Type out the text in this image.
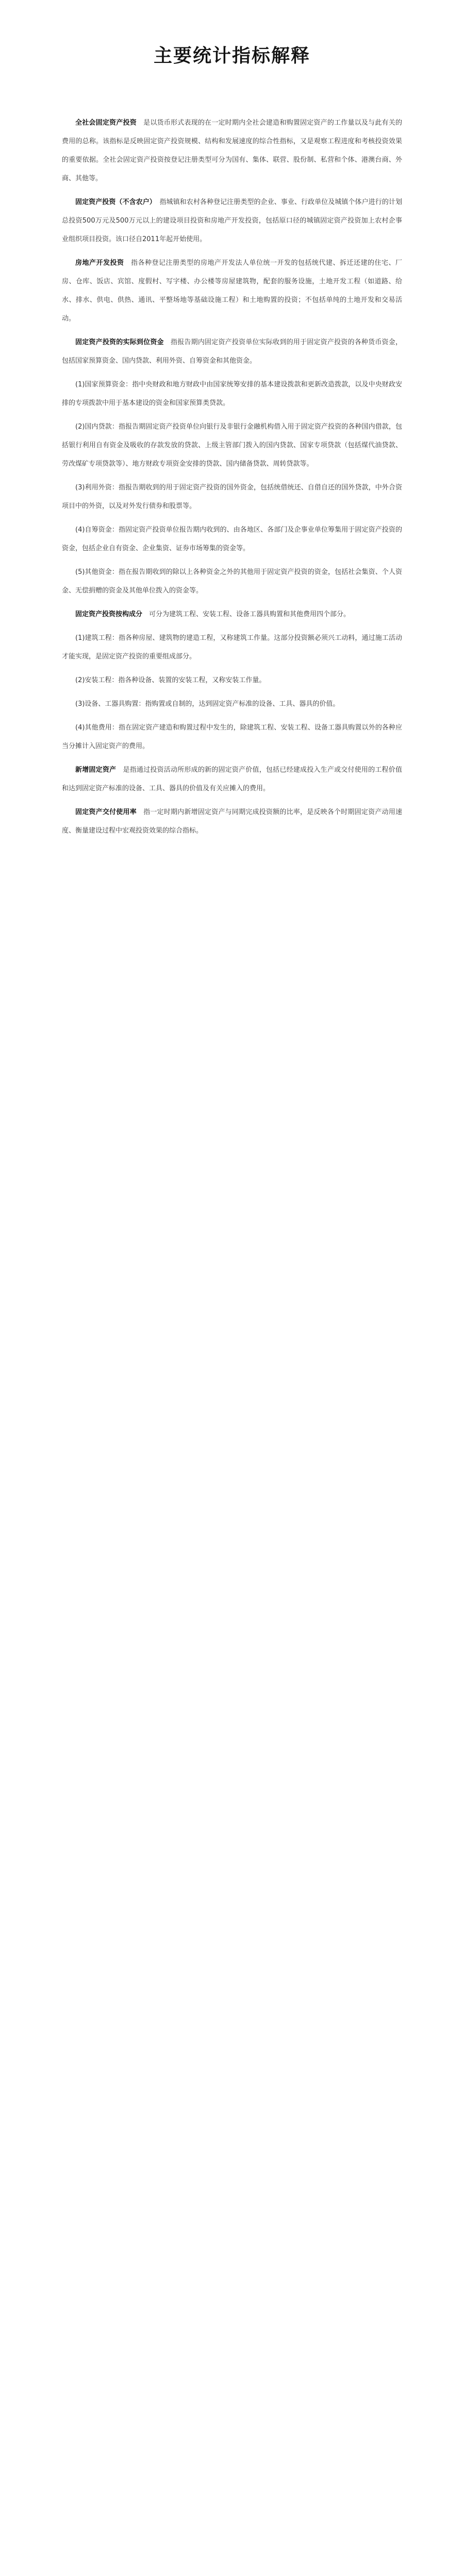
主要统计指标解释

全社会固定资产投资　 是以货币形式表现的在一定时期内全社会建造和购置固定资产的工作量以及与此有关的费用的总称。该指标是反映固定资产投资规模、结构和发展速度的综合性指标，又是观察工程进度和考核投资效果的重要依据。全社会固定资产投资按登记注册类型可分为国有、集体、联营、股份制、私营和个体、港澳台商、外商、其他等。

固定资产投资（不含农户）　 指城镇和农村各种登记注册类型的企业、事业、行政单位及城镇个体户进行的计划总投资500万元及500万元以上的建设项目投资和房地产开发投资，包括原口径的城镇固定资产投资加上农村企事业组织项目投资。该口径自2011年起开始使用。

房地产开发投资　 指各种登记注册类型的房地产开发法人单位统一开发的包括统代建、拆迁还建的住宅、厂房、仓库、饭店、宾馆、度假村、写字楼、办公楼等房屋建筑物，配套的服务设施，土地开发工程（如道路、给水、排水、供电、供热、通讯、平整场地等基础设施工程）和土地购置的投资；不包括单纯的土地开发和交易活动。

固定资产投资的实际到位资金　 指报告期内固定资产投资单位实际收到的用于固定资产投资的各种货币资金，包括国家预算资金、国内贷款、利用外资、自筹资金和其他资金。

(1)国家预算资金：指中央财政和地方财政中由国家统筹安排的基本建设拨款和更新改造拨款，以及中央财政安排的专项拨款中用于基本建设的资金和国家预算类贷款。

(2)国内贷款：指报告期固定资产投资单位向银行及非银行金融机构借入用于固定资产投资的各种国内借款，包括银行利用自有资金及吸收的存款发放的贷款、上级主管部门拨入的国内贷款、国家专项贷款（包括煤代油贷款、劳改煤矿专项贷款等）、地方财政专项资金安排的贷款、国内储备贷款、周转贷款等。

(3)利用外资：指报告期收到的用于固定资产投资的国外资金，包括统借统还、自借自还的国外贷款，中外合资项目中的外资，以及对外发行债券和股票等。

(4)自筹资金：指固定资产投资单位报告期内收到的、由各地区、各部门及企事业单位筹集用于固定资产投资的资金，包括企业自有资金、企业集资、证券市场筹集的资金等。

(5)其他资金：指在报告期收到的除以上各种资金之外的其他用于固定资产投资的资金，包括社会集资、个人资金、无偿捐赠的资金及其他单位拨入的资金等。

固定资产投资按构成分　 可分为建筑工程、安装工程、设备工器具购置和其他费用四个部分。

(1)建筑工程：指各种房屋、建筑物的建造工程，又称建筑工作量。这部分投资额必须兴工动料，通过施工活动才能实现，是固定资产投资的重要组成部分。

(2)安装工程：指各种设备、装置的安装工程，又称安装工作量。

(3)设备、工器具购置：指购置或自制的，达到固定资产标准的设备、工具、器具的价值。

(4)其他费用：指在固定资产建造和购置过程中发生的，除建筑工程、安装工程、设备工器具购置以外的各种应当分摊计入固定资产的费用。

新增固定资产　 是指通过投资活动所形成的新的固定资产价值，包括已经建成投入生产或交付使用的工程价值和达到固定资产标准的设备、工具、器具的价值及有关应摊入的费用。

固定资产交付使用率　 指一定时期内新增固定资产与同期完成投资额的比率，是反映各个时期固定资产动用速度、衡量建设过程中宏观投资效果的综合指标。
